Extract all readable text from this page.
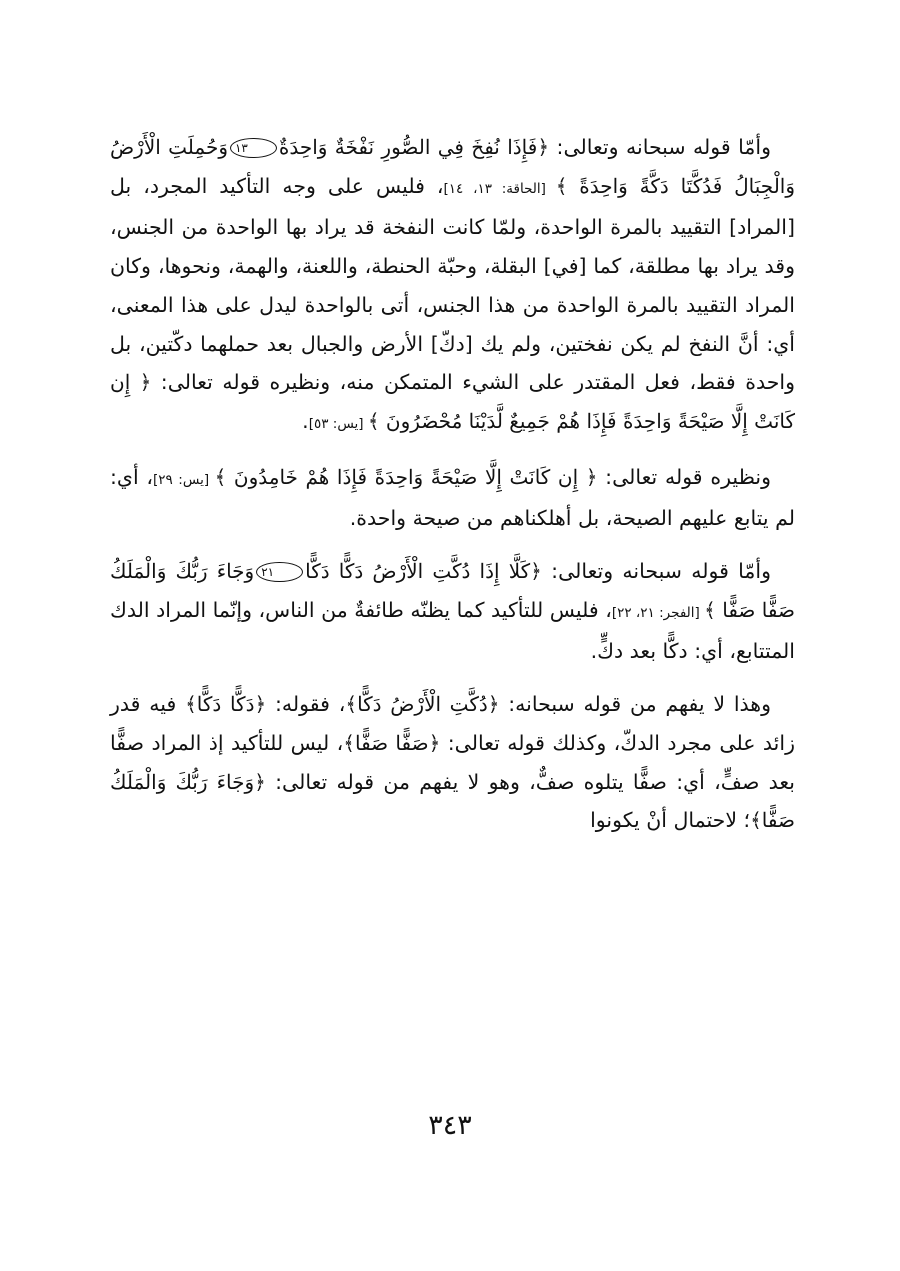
وأمّا قوله سبحانه وتعالى: ﴿فَإِذَا نُفِخَ فِي الصُّورِ نَفْخَةٌ وَاحِدَةٌ١٣وَحُمِلَتِ الْأَرْضُ وَالْجِبَالُ فَدُكَّتَا دَكَّةً وَاحِدَةً ﴾ [الحاقة: ١٣، ١٤]، فليس على وجه التأكيد المجرد، بل [المراد] التقييد بالمرة الواحدة، ولمّا كانت النفخة قد يراد بها الواحدة من الجنس، وقد يراد بها مطلقة، كما [في] البقلة، وحبّة الحنطة، واللعنة، والهمة، ونحوها، وكان المراد التقييد بالمرة الواحدة من هذا الجنس، أتى بالواحدة ليدل على هذا المعنى، أي: أنَّ النفخ لم يكن نفختين، ولم يك [دكّ] الأرض والجبال بعد حملهما دكّتين، بل واحدة فقط، فعل المقتدر على الشيء المتمكن منه، ونظيره قوله تعالى: ﴿ إِن كَانَتْ إِلَّا صَيْحَةً وَاحِدَةً فَإِذَا هُمْ جَمِيعٌ لَّدَيْنَا مُحْضَرُونَ ﴾ [يس: ٥٣].

ونظيره قوله تعالى: ﴿ إِن كَانَتْ إِلَّا صَيْحَةً وَاحِدَةً فَإِذَا هُمْ خَامِدُونَ ﴾ [يس: ٢٩]، أي: لم يتابع عليهم الصيحة، بل أهلكناهم من صيحة واحدة.

وأمّا قوله سبحانه وتعالى: ﴿كَلَّا إِذَا دُكَّتِ الْأَرْضُ دَكًّا دَكًّا٢١وَجَاءَ رَبُّكَ وَالْمَلَكُ صَفًّا صَفًّا ﴾ [الفجر: ٢١، ٢٢]، فليس للتأكيد كما يظنّه طائفةٌ من الناس، وإنّما المراد الدك المتتابع، أي: دكًّا بعد دكٍّ.

وهذا لا يفهم من قوله سبحانه: ﴿دُكَّتِ الْأَرْضُ دَكًّا﴾، فقوله: ﴿دَكًّا دَكًّا﴾ فيه قدر زائد على مجرد الدكّ، وكذلك قوله تعالى: ﴿صَفًّا صَفًّا﴾، ليس للتأكيد إذ المراد صفًّا بعد صفٍّ، أي: صفًّا يتلوه صفٌّ، وهو لا يفهم من قوله تعالى: ﴿وَجَاءَ رَبُّكَ وَالْمَلَكُ صَفًّا﴾؛ لاحتمال أنْ يكونوا

٣٤٣
